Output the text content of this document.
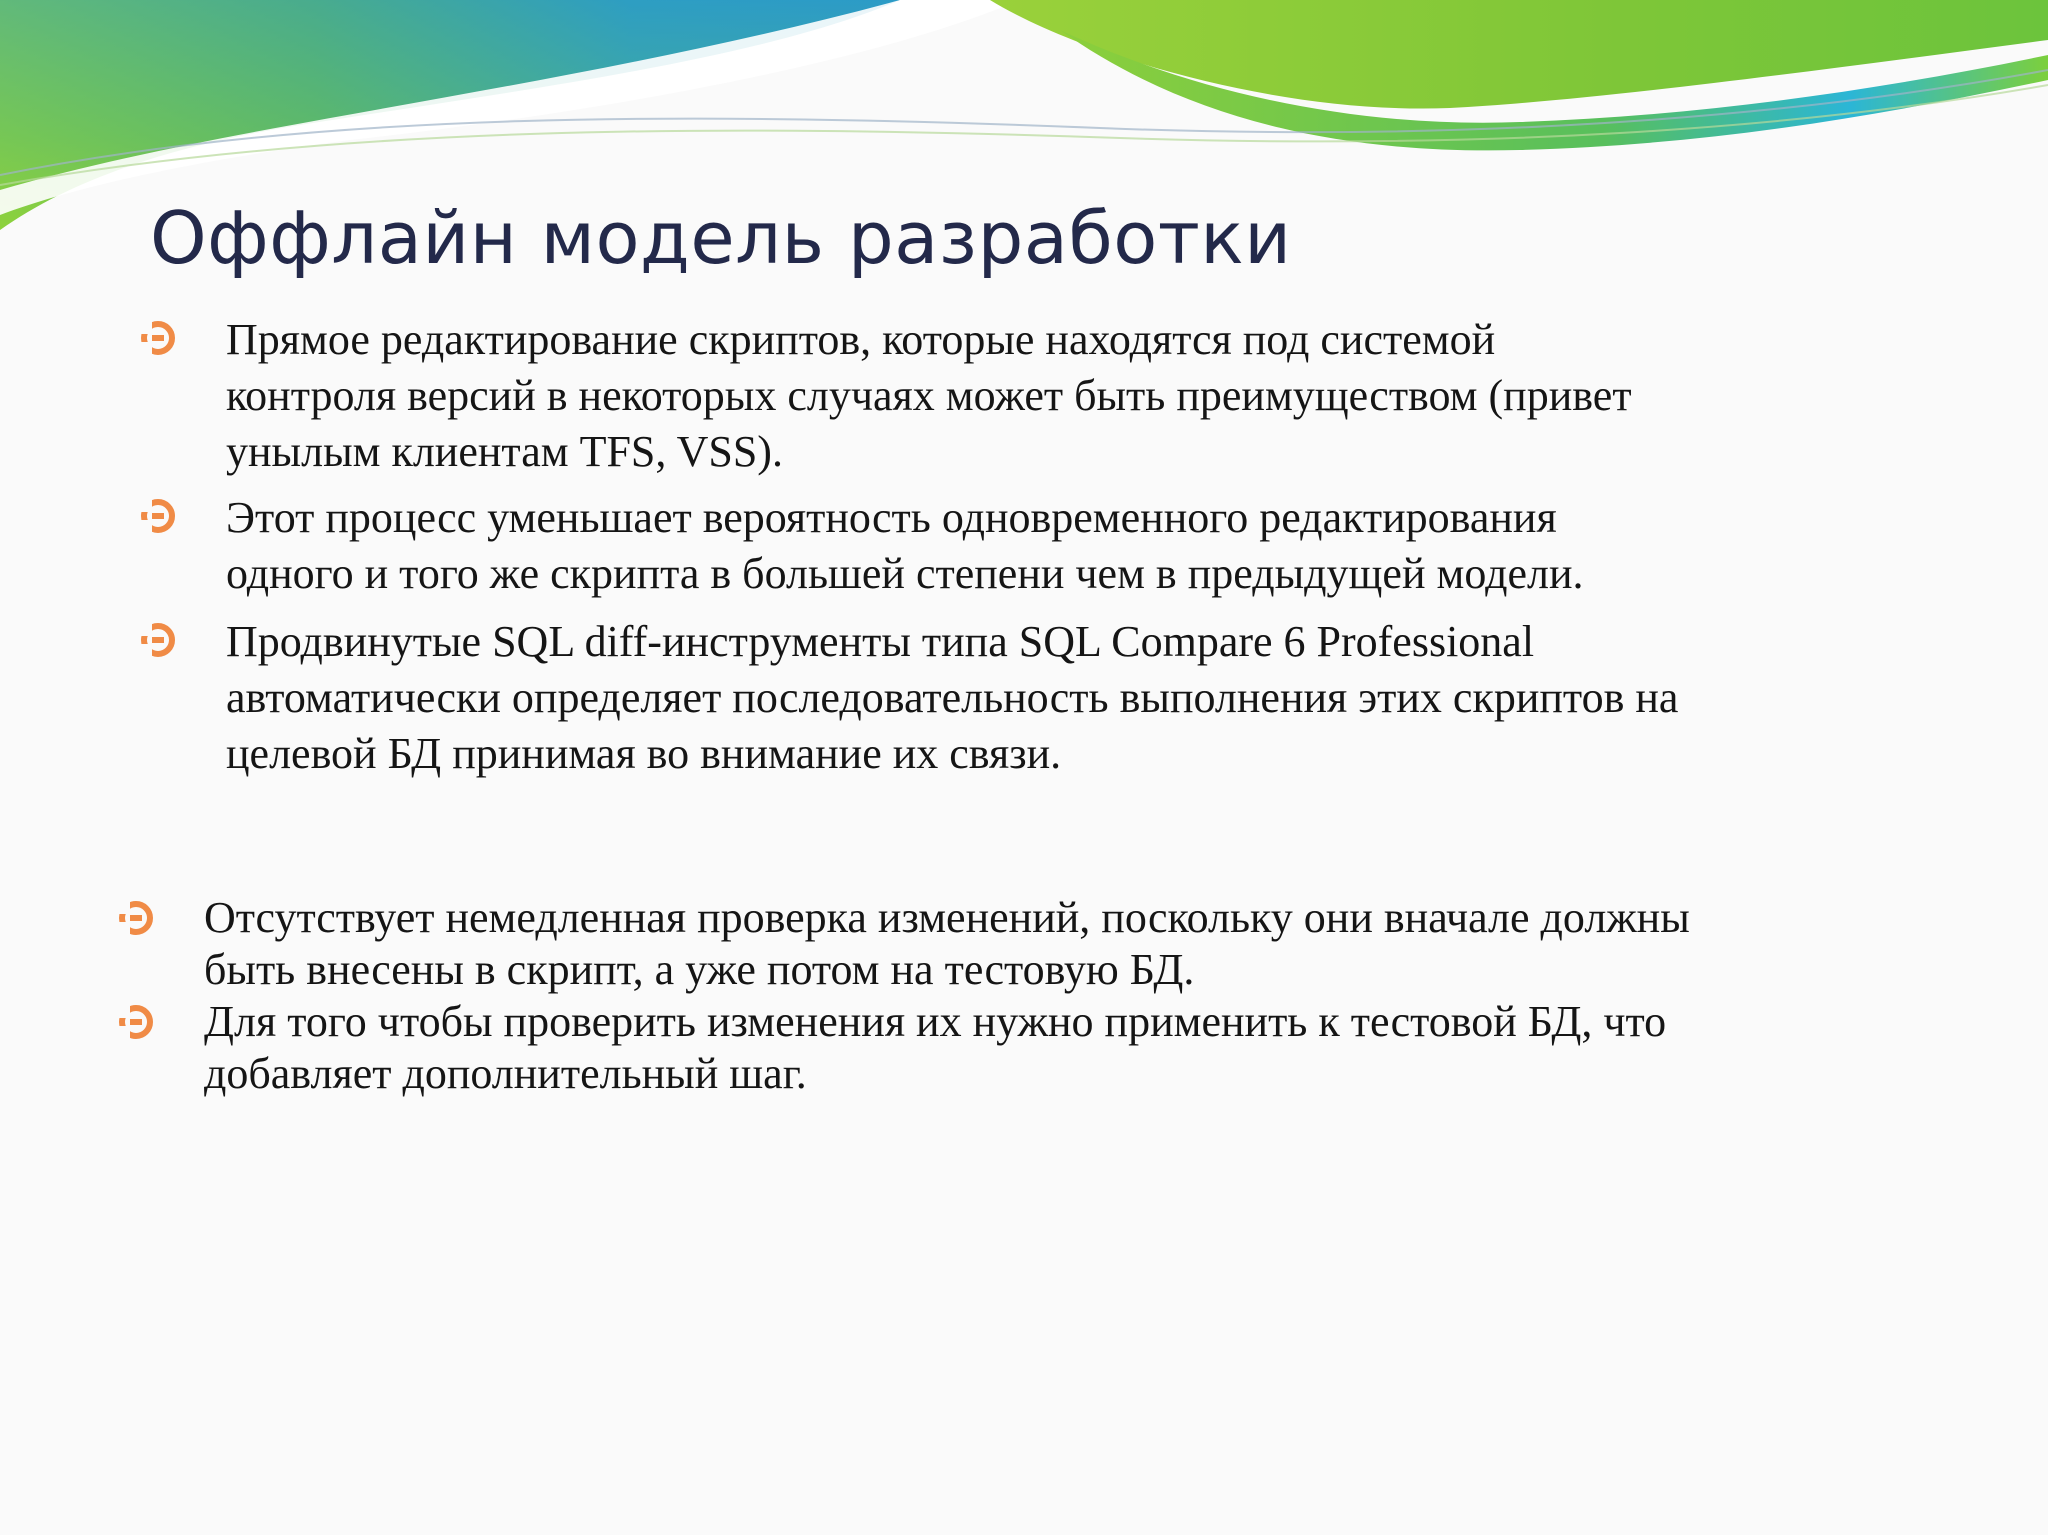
Оффлайн модель разработки
Прямое редактирование скриптов, которые находятся под системой
контроля версий в некоторых случаях может быть преимуществом (привет
унылым клиентам TFS, VSS).
Этот процесс уменьшает вероятность одновременного редактирования
одного и того же скрипта в большей степени чем в предыдущей модели.
Продвинутые SQL diff-инструменты типа SQL Compare 6 Professional
автоматически определяет последовательность выполнения этих скриптов на
целевой БД принимая во внимание их связи.
Отсутствует немедленная проверка изменений, поскольку они вначале должны
быть внесены в скрипт, а уже потом на тестовую БД.
Для того чтобы проверить изменения их нужно применить к тестовой БД, что
добавляет дополнительный шаг.
